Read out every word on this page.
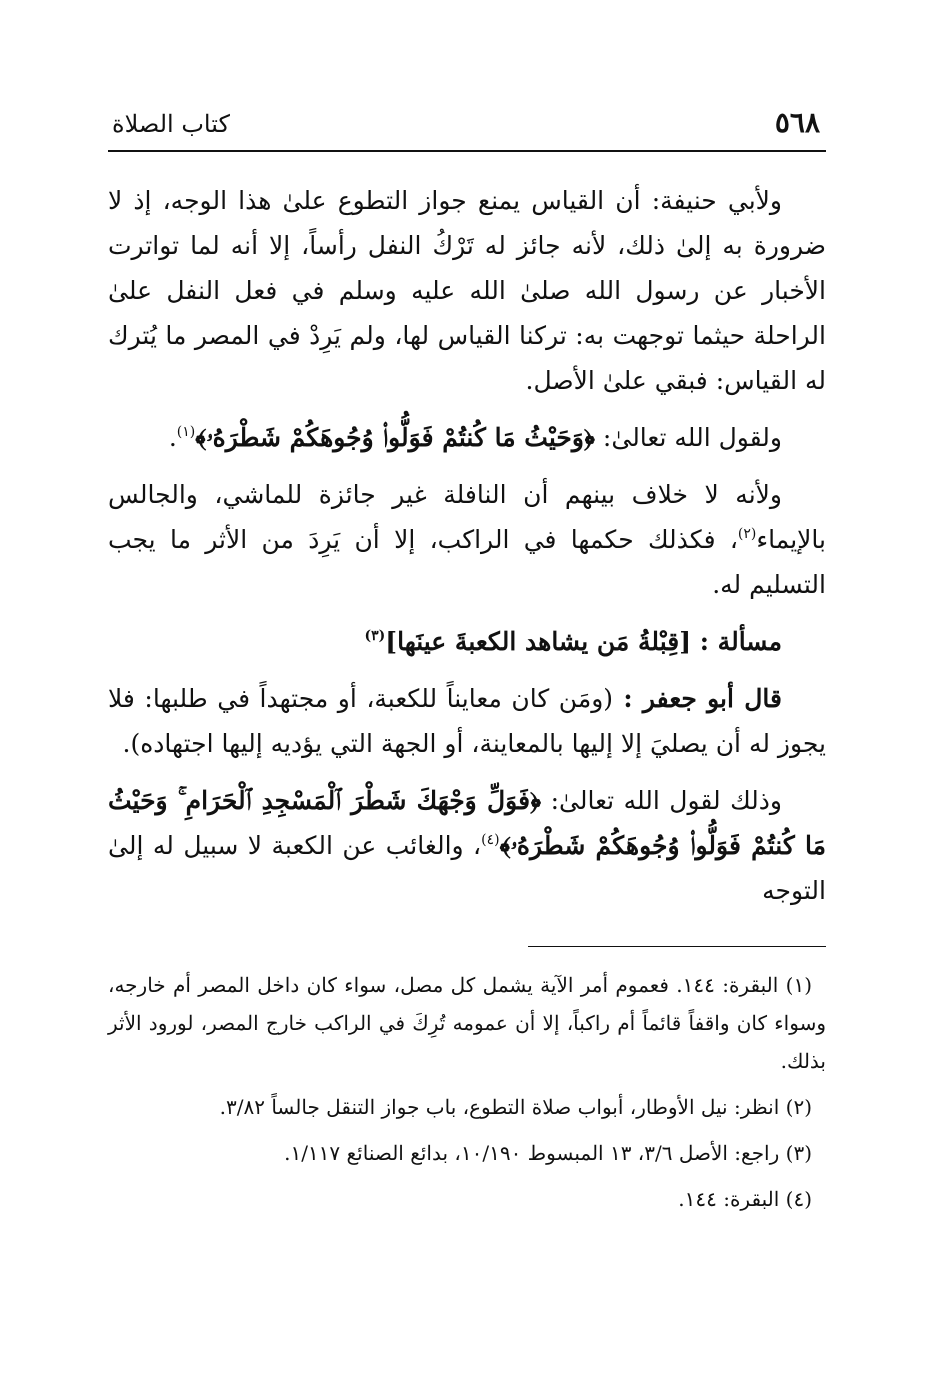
٥٦٨
كتاب الصلاة

ولأبي حنيفة: أن القياس يمنع جواز التطوع علىٰ هذا الوجه، إذ لا ضرورة به إلىٰ ذلك، لأنه جائز له تَرْكُ النفل رأساً، إلا أنه لما تواترت الأخبار عن رسول الله صلىٰ الله عليه وسلم في فعل النفل علىٰ الراحلة حيثما توجهت به: تركنا القياس لها، ولم يَرِدْ في المصر ما يُترك له القياس: فبقي علىٰ الأصل.

ولقول الله تعالىٰ: ﴿وَحَيْثُ مَا كُنتُمْ فَوَلُّوا۟ وُجُوهَكُمْ شَطْرَهُۥ﴾$^{(١)}$.

ولأنه لا خلاف بينهم أن النافلة غير جائزة للماشي، والجالس بالإيماء$^{(٢)}$، فكذلك حكمها في الراكب، إلا أن يَرِدَ من الأثر ما يجب التسليم له.

مسألة : [قِبْلةُ مَن يشاهد الكعبةَ عينَها]$^{(٣)}$

قال أبو جعفر : (ومَن كان معايناً للكعبة، أو مجتهداً في طلبها: فلا يجوز له أن يصليَ إلا إليها بالمعاينة، أو الجهة التي يؤديه إليها اجتهاده).

وذلك لقول الله تعالىٰ: ﴿فَوَلِّ وَجْهَكَ شَطْرَ ٱلْمَسْجِدِ ٱلْحَرَامِ ۚ وَحَيْثُ مَا كُنتُمْ فَوَلُّوا۟ وُجُوهَكُمْ شَطْرَهُۥ﴾$^{(٤)}$، والغائب عن الكعبة لا سبيل له إلىٰ التوجه

(١) البقرة: ١٤٤. فعموم أمر الآية يشمل كل مصل، سواء كان داخل المصر أم خارجه، وسواء كان واقفاً قائماً أم راكباً، إلا أن عمومه تُرِكَ في الراكب خارج المصر، لورود الأثر بذلك.

(٢) انظر: نيل الأوطار، أبواب صلاة التطوع، باب جواز التنقل جالساً ٣/٨٢.

(٣) راجع: الأصل ٣/٦، ١٣ المبسوط ١٠/١٩٠، بدائع الصنائع ١/١١٧.

(٤) البقرة: ١٤٤.
